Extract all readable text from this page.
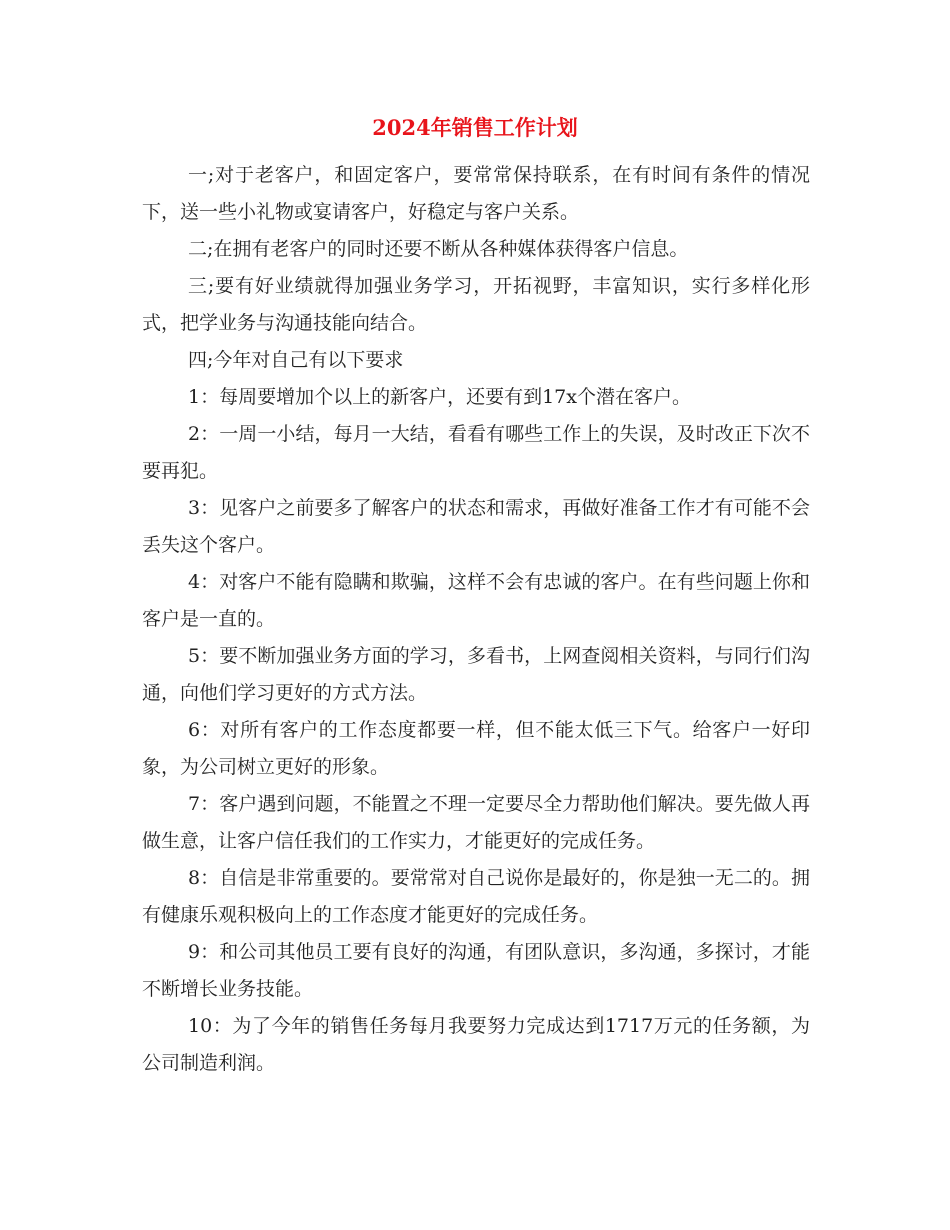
2024年销售工作计划

一;对于老客户，和固定客户，要常常保持联系，在有时间有条件的情况下，送一些小礼物或宴请客户，好稳定与客户关系。

二;在拥有老客户的同时还要不断从各种媒体获得客户信息。

三;要有好业绩就得加强业务学习，开拓视野，丰富知识，实行多样化形式，把学业务与沟通技能向结合。

四;今年对自己有以下要求

1：每周要增加个以上的新客户，还要有到17x个潜在客户。

2：一周一小结，每月一大结，看看有哪些工作上的失误，及时改正下次不要再犯。

3：见客户之前要多了解客户的状态和需求，再做好准备工作才有可能不会丢失这个客户。

4：对客户不能有隐瞒和欺骗，这样不会有忠诚的客户。在有些问题上你和客户是一直的。

5：要不断加强业务方面的学习，多看书，上网查阅相关资料，与同行们沟通，向他们学习更好的方式方法。

6：对所有客户的工作态度都要一样，但不能太低三下气。给客户一好印象，为公司树立更好的形象。

7：客户遇到问题，不能置之不理一定要尽全力帮助他们解决。要先做人再做生意，让客户信任我们的工作实力，才能更好的完成任务。

8：自信是非常重要的。要常常对自己说你是最好的，你是独一无二的。拥有健康乐观积极向上的工作态度才能更好的完成任务。

9：和公司其他员工要有良好的沟通，有团队意识，多沟通，多探讨，才能不断增长业务技能。

10：为了今年的销售任务每月我要努力完成达到1717万元的任务额，为公司制造利润。
